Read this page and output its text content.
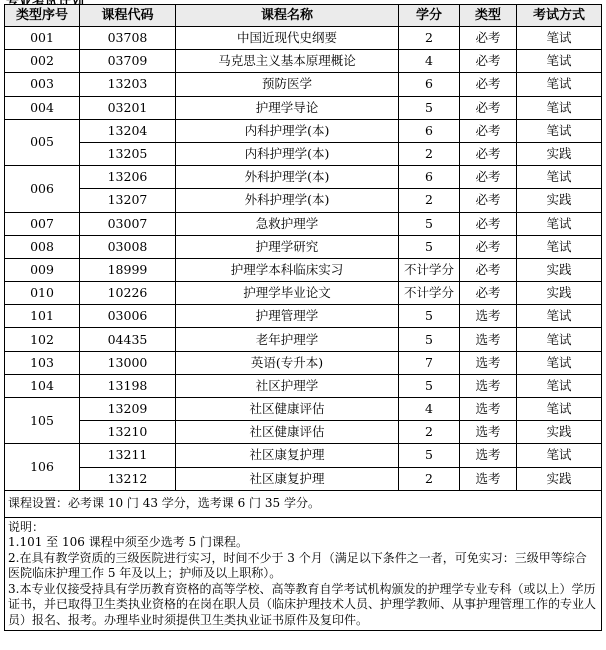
类型序号	课程代码	课程名称	学分	类型	考试方式
001	03708	中国近现代史纲要	2	必考	笔试
002	03709	马克思主义基本原理概论	4	必考	笔试
003	13203	预防医学	6	必考	笔试
004	03201	护理学导论	5	必考	笔试
005	13204	内科护理学(本)	6	必考	笔试
	13205	内科护理学(本)	2	必考	实践
006	13206	外科护理学(本)	6	必考	笔试
	13207	外科护理学(本)	2	必考	实践
007	03007	急救护理学	5	必考	笔试
008	03008	护理学研究	5	必考	笔试
009	18999	护理学本科临床实习	不计学分	必考	实践
010	10226	护理学毕业论文	不计学分	必考	实践
101	03006	护理管理学	5	选考	笔试
102	04435	老年护理学	5	选考	笔试
103	13000	英语(专升本)	7	选考	笔试
104	13198	社区护理学	5	选考	笔试
105	13209	社区健康评估	4	选考	笔试
	13210	社区健康评估	2	选考	实践
106	13211	社区康复护理	5	选考	笔试
	13212	社区康复护理	2	选考	实践
课程设置：必考课 10 门 43 学分，选考课 6 门 35 学分。					

说明：
1.101 至 106 课程中须至少选考 5 门课程。
2.在具有教学资质的三级医院进行实习，时间不少于 3 个月（满足以下条件之一者，可免实习：三级甲等综合医院临床护理工作 5 年及以上；护师及以上职称）。
3.本专业仅接受持具有学历教育资格的高等学校、高等教育自学考试机构颁发的护理学专业专科（或以上）学历证书，并已取得卫生类执业资格的在岗在职人员（临床护理技术人员、护理学教师、从事护理管理工作的专业人员）报名、报考。办理毕业时须提供卫生类执业证书原件及复印件。					
